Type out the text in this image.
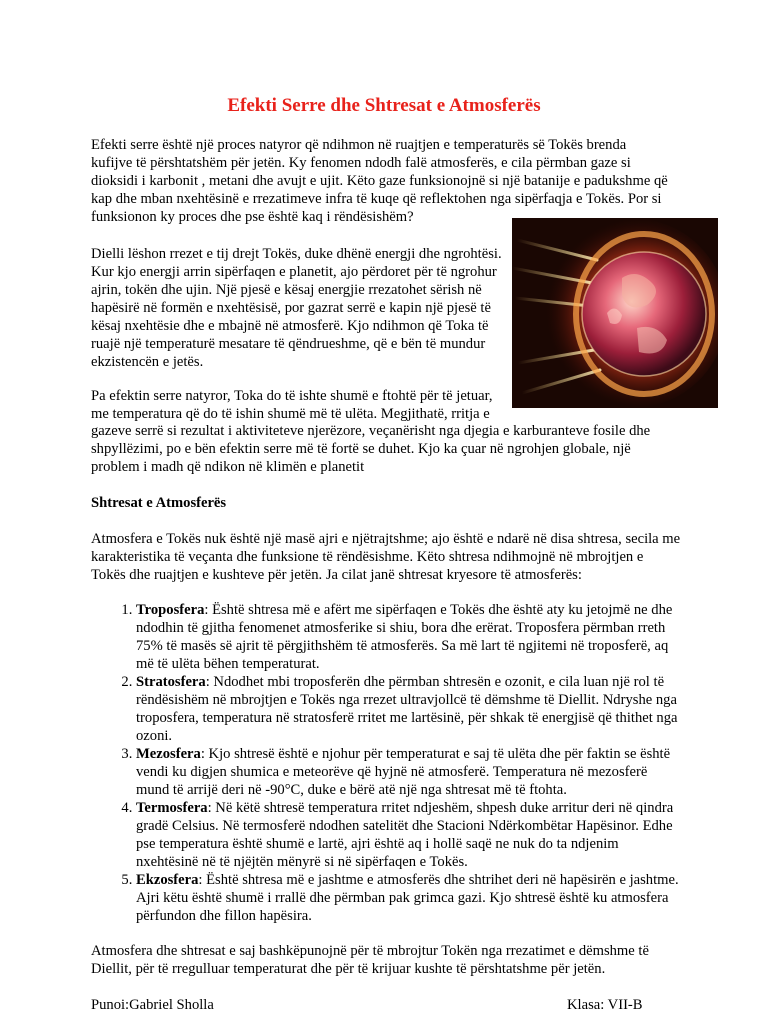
Efekti Serre dhe Shtresat e Atmosferës

Efekti serre është një proces natyror që ndihmon në ruajtjen e temperaturës së Tokës brenda kufijve të përshtatshëm për jetën. Ky fenomen ndodh falë atmosferës, e cila përmban gaze si dioksidi i karbonit , metani dhe avujt e ujit. Këto gaze funksionojnë si një batanije e padukshme që kap dhe mban nxehtësinë e rrezatimeve infra të kuqe që reflektohen nga sipërfaqja e Tokës. Por si funksionon ky proces dhe pse është kaq i rëndësishëm?

Dielli lëshon rrezet e tij drejt Tokës, duke dhënë energji dhe ngrohtësi. Kur kjo energji arrin sipërfaqen e planetit, ajo përdoret për të ngrohur ajrin, tokën dhe ujin. Një pjesë e kësaj energjie rrezatohet sërish në hapësirë në formën e nxehtësisë, por gazrat serrë e kapin një pjesë të kësaj nxehtësie dhe e mbajnë në atmosferë. Kjo ndihmon që Toka të ruajë një temperaturë mesatare të qëndrueshme, që e bën të mundur ekzistencën e jetës.

Pa efektin serre natyror, Toka do të ishte shumë e ftohtë për të jetuar, me temperatura që do të ishin shumë më të ulëta. Megjithatë, rritja e

gazeve serrë si rezultat i aktiviteteve njerëzore, veçanërisht nga djegia e karburanteve fosile dhe shpyllëzimi, po e bën efektin serre më të fortë se duhet. Kjo ka çuar në ngrohjen globale, një problem i madh që ndikon në klimën e planetit

Shtresat e Atmosferës

Atmosfera e Tokës nuk është një masë ajri e njëtrajtshme; ajo është e ndarë në disa shtresa, secila me karakteristika të veçanta dhe funksione të rëndësishme. Këto shtresa ndihmojnë në mbrojtjen e Tokës dhe ruajtjen e kushteve për jetën. Ja cilat janë shtresat kryesore të atmosferës:

1. Troposfera: Është shtresa më e afërt me sipërfaqen e Tokës dhe është aty ku jetojmë ne dhe ndodhin të gjitha fenomenet atmosferike si shiu, bora dhe erërat. Troposfera përmban rreth 75% të masës së ajrit të përgjithshëm të atmosferës. Sa më lart të ngjitemi në troposferë, aq më të ulëta bëhen temperaturat.
2. Stratosfera: Ndodhet mbi troposferën dhe përmban shtresën e ozonit, e cila luan një rol të rëndësishëm në mbrojtjen e Tokës nga rrezet ultravjollcë të dëmshme të Diellit. Ndryshe nga troposfera, temperatura në stratosferë rritet me lartësinë, për shkak të energjisë që thithet nga ozoni.
3. Mezosfera: Kjo shtresë është e njohur për temperaturat e saj të ulëta dhe për faktin se është vendi ku digjen shumica e meteorëve që hyjnë në atmosferë. Temperatura në mezosferë mund të arrijë deri në -90°C, duke e bërë atë një nga shtresat më të ftohta.
4. Termosfera: Në këtë shtresë temperatura rritet ndjeshëm, shpesh duke arritur deri në qindra gradë Celsius. Në termosferë ndodhen satelitët dhe Stacioni Ndërkombëtar Hapësinor. Edhe pse temperatura është shumë e lartë, ajri është aq i hollë saqë ne nuk do ta ndjenim nxehtësinë në të njëjtën mënyrë si në sipërfaqen e Tokës.
5. Ekzosfera: Është shtresa më e jashtme e atmosferës dhe shtrihet deri në hapësirën e jashtme. Ajri këtu është shumë i rrallë dhe përmban pak grimca gazi. Kjo shtresë është ku atmosfera përfundon dhe fillon hapësira.

Atmosfera dhe shtresat e saj bashkëpunojnë për të mbrojtur Tokën nga rrezatimet e dëmshme të Diellit, për të rregulluar temperaturat dhe për të krijuar kushte të përshtatshme për jetën.

Punoi:Gabriel Sholla	Klasa: VII-B
